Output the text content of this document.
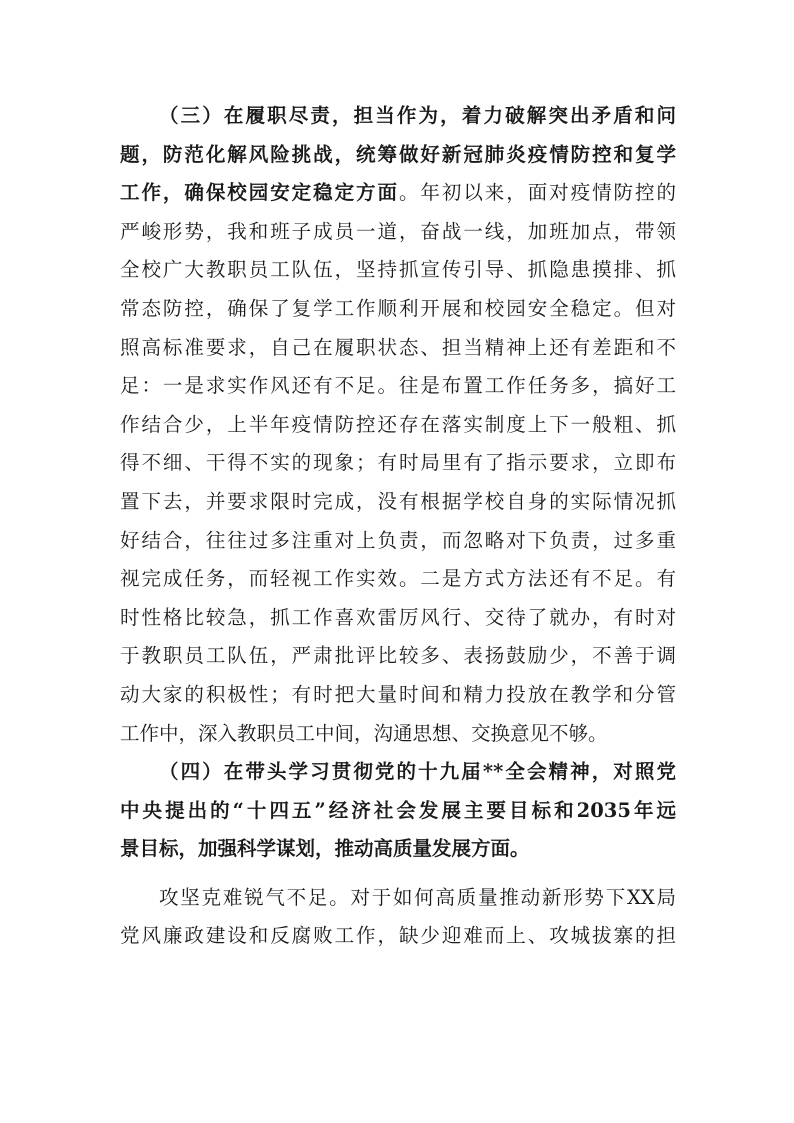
（三）在履职尽责，担当作为，着力破解突出矛盾和问
题，防范化解风险挑战，统筹做好新冠肺炎疫情防控和复学
工作，确保校园安定稳定方面。年初以来，面对疫情防控的
严峻形势，我和班子成员一道，奋战一线，加班加点，带领
全校广大教职员工队伍，坚持抓宣传引导、抓隐患摸排、抓
常态防控，确保了复学工作顺利开展和校园安全稳定。但对
照高标准要求，自己在履职状态、担当精神上还有差距和不
足：一是求实作风还有不足。往是布置工作任务多，搞好工
作结合少，上半年疫情防控还存在落实制度上下一般粗、抓
得不细、干得不实的现象；有时局里有了指示要求，立即布
置下去，并要求限时完成，没有根据学校自身的实际情况抓
好结合，往往过多注重对上负责，而忽略对下负责，过多重
视完成任务，而轻视工作实效。二是方式方法还有不足。有
时性格比较急，抓工作喜欢雷厉风行、交待了就办，有时对
于教职员工队伍，严肃批评比较多、表扬鼓励少，不善于调
动大家的积极性；有时把大量时间和精力投放在教学和分管
工作中，深入教职员工中间，沟通思想、交换意见不够。
（四）在带头学习贯彻党的十九届**全会精神，对照党
中央提出的“十四五”经济社会发展主要目标和2035年远
景目标，加强科学谋划，推动高质量发展方面。
攻坚克难锐气不足。对于如何高质量推动新形势下XX局
党风廉政建设和反腐败工作，缺少迎难而上、攻城拔寨的担
